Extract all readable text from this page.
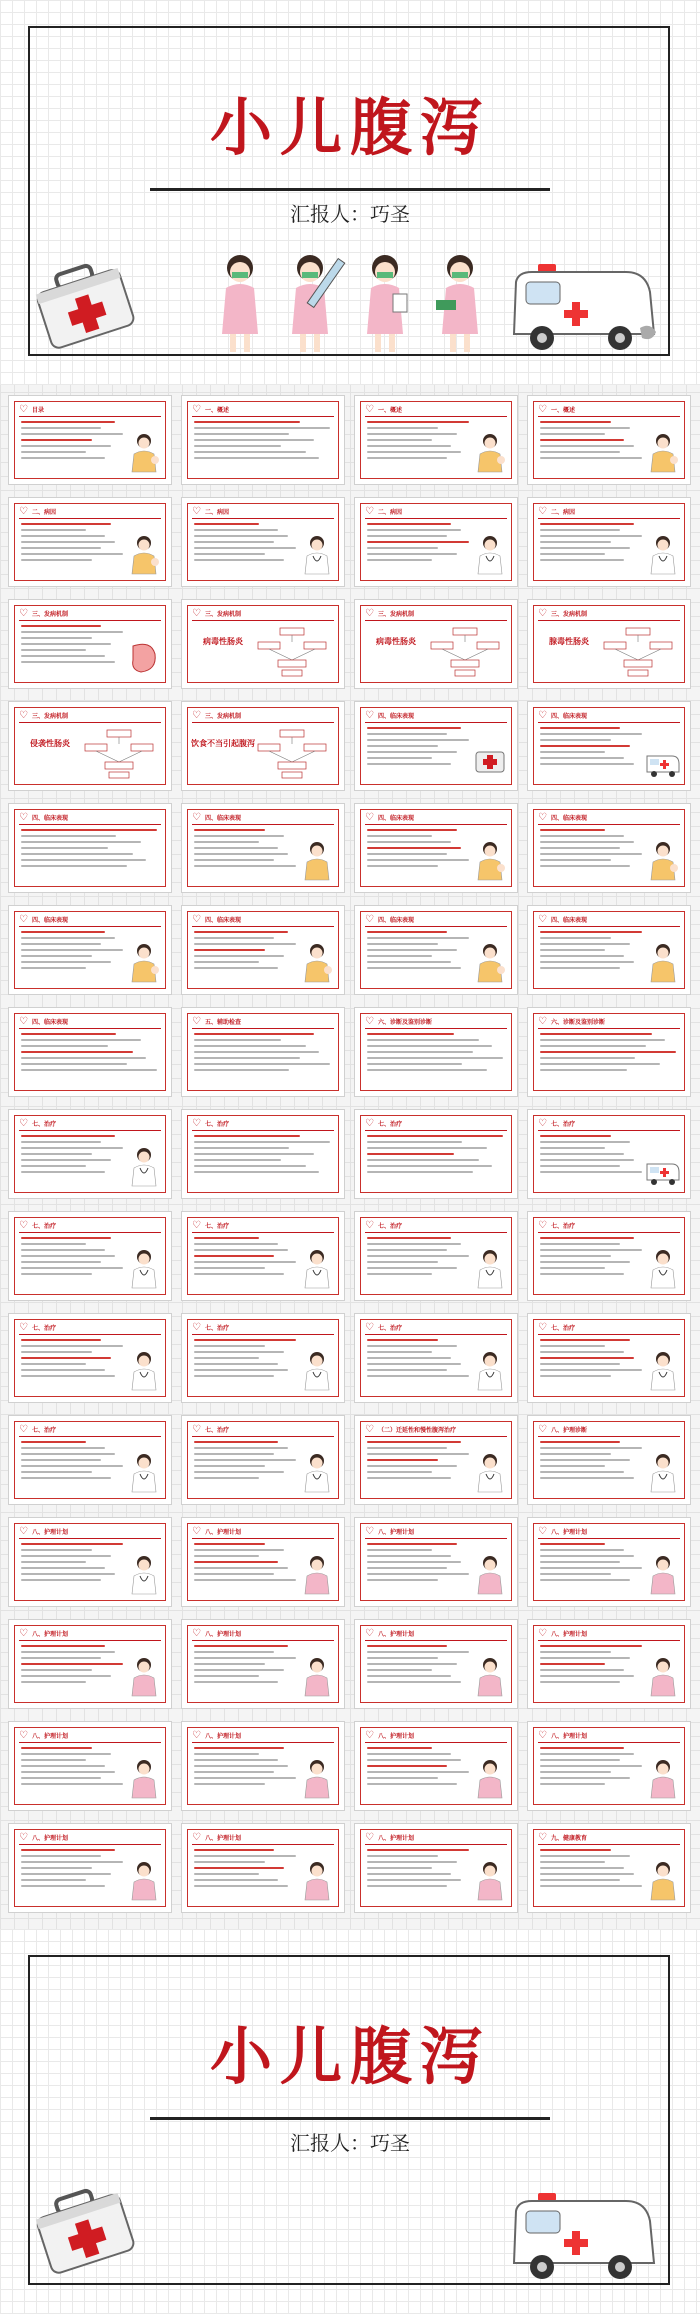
小儿腹泻
汇报人：巧圣
♡ 目录	♡ 一、概述	♡ 一、概述	♡ 一、概述
♡ 二、病因	♡ 二、病因	♡ 二、病因	♡ 二、病因
♡ 三、发病机制	♡ 三、发病机制
病毒性肠炎
♡ 三、发病机制
病毒性肠炎
♡ 三、发病机制
腺毒性肠炎
♡ 三、发病机制
侵袭性肠炎
♡ 三、发病机制
饮食不当引起腹泻
♡ 四、临床表现	♡ 四、临床表现
♡ 四、临床表现	♡ 四、临床表现	♡ 四、临床表现	♡ 四、临床表现
♡ 四、临床表现	♡ 四、临床表现	♡ 四、临床表现	♡ 四、临床表现
♡ 四、临床表现	♡ 五、辅助检查	♡ 六、诊断及鉴别诊断	♡ 六、诊断及鉴别诊断
♡ 七、治疗	♡ 七、治疗	♡ 七、治疗	♡ 七、治疗
♡ 七、治疗	♡ 七、治疗	♡ 七、治疗	♡ 七、治疗
♡ 七、治疗	♡ 七、治疗	♡ 七、治疗	♡ 七、治疗
♡ 七、治疗	♡ 七、治疗	♡ （二）迁延性和慢性腹泻治疗	♡ 八、护理诊断
♡ 八、护理计划	♡ 八、护理计划	♡ 八、护理计划	♡ 八、护理计划
♡ 八、护理计划	♡ 八、护理计划	♡ 八、护理计划	♡ 八、护理计划
♡ 八、护理计划	♡ 八、护理计划	♡ 八、护理计划	♡ 八、护理计划
♡ 八、护理计划	♡ 八、护理计划	♡ 八、护理计划	♡ 九、健康教育
小儿腹泻
汇报人：巧圣
